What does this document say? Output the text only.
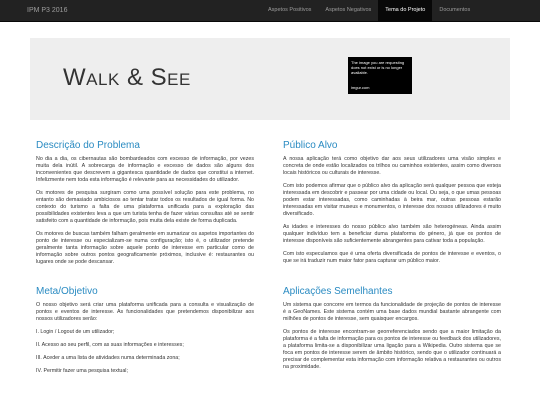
IPM P3 2016	Aspetos Positivos	Aspetos Negativos	Tema do Projeto	Documentos
Walk & See
The image you are requesting does not exist or is no longer available.
imgur.com
Descrição do Problema

No dia a dia, os cibernautas são bombardeados com excesso de informação, por vezes muita dela inútil. A sobrecarga de informação e excesso de dados são alguns dos inconvenientes que descrevem a gigantesca quantidade de dados que constitui a internet. Infelizmente nem toda esta informação é relevante para as necessidades do utilizador.

Os motores de pesquisa surgiram como uma possível solução para este problema, no entanto são demasiado ambiciosos ao tentar tratar todos os resultados de igual forma. No contexto do turismo a falta de uma plataforma unificada para a exploração das possibilidades existentes leva a que um turista tenha de fazer várias consultas até se sentir satisfeito com a quantidade de informação, pois muita dela existe de forma duplicada.

Os motores de buscas também falham geralmente em sumarizar os aspetos importantes do ponto de interesse ou especializam-se numa configuração; isto é, o utilizador pretende geralmente tanta informação sobre aquele ponto de interesse em particular como de informação sobre outros pontos geograficamente próximos, inclusive é: restaurantes ou lugares onde se pode descansar.

Público Alvo

A nossa aplicação terá como objetivo dar aos seus utilizadores uma visão simples e concreta de onde estão localizados os trilhos ou caminhos existentes, assim como diversos locais históricos ou culturais de interesse.

Com isto podemos afirmar que o público alvo da aplicação será qualquer pessoa que esteja interessada em descobrir e passear por uma cidade ou local. Ou seja, o que umas pessoas podem estar interessadas, como caminhadas à beira mar, outras pessoas estarão interessadas em visitar museus e monumentos, o interesse dos nossos utilizadores é muito diversificado.

As idades e interesses do nosso público alvo também são heterogéneas. Ainda assim qualquer indivíduo tem a beneficiar duma plataforma do género, já que os pontos de interesse disponíveis são suficientemente abrangentes para cativar toda a população.

Com isto especulamos que é uma oferta diversificada de pontos de interesse e eventos, o que se irá traduzir num maior fator para capturar um público maior.

Meta/Objetivo

O nosso objetivo será criar uma plataforma unificada para a consulta e visualização de pontos e eventos de interesse. As funcionalidades que pretendemos disponibilizar aos nossos utilizadores serão:

I. Login / Logout de um utilizador;
II. Acesso ao seu perfil, com as suas informações e interesses;
III. Aceder a uma lista de atividades numa determinada zona;
IV. Permitir fazer uma pesquisa textual;
Aplicações Semelhantes

Um sistema que concorre em termos da funcionalidade de projeção de pontos de interesse é a GeoNames. Este sistema contém uma base dados mundial bastante abrangente com milhões de pontos de interesse, sem quaisquer encargos.

Os pontos de interesse encontram-se georreferenciados sendo que a maior limitação da plataforma é a falta de informação para os pontos de interesse ou feedback dos utilizadores, a plataforma limita-se a disponibilizar uma ligação para a Wikipedia. Outro sistema que se foca em pontos de interesse serem de âmbito histórico, sendo que o utilizador continuará a precisar de complementar esta informação com informação relativa a restaurantes ou outros na proximidade.
